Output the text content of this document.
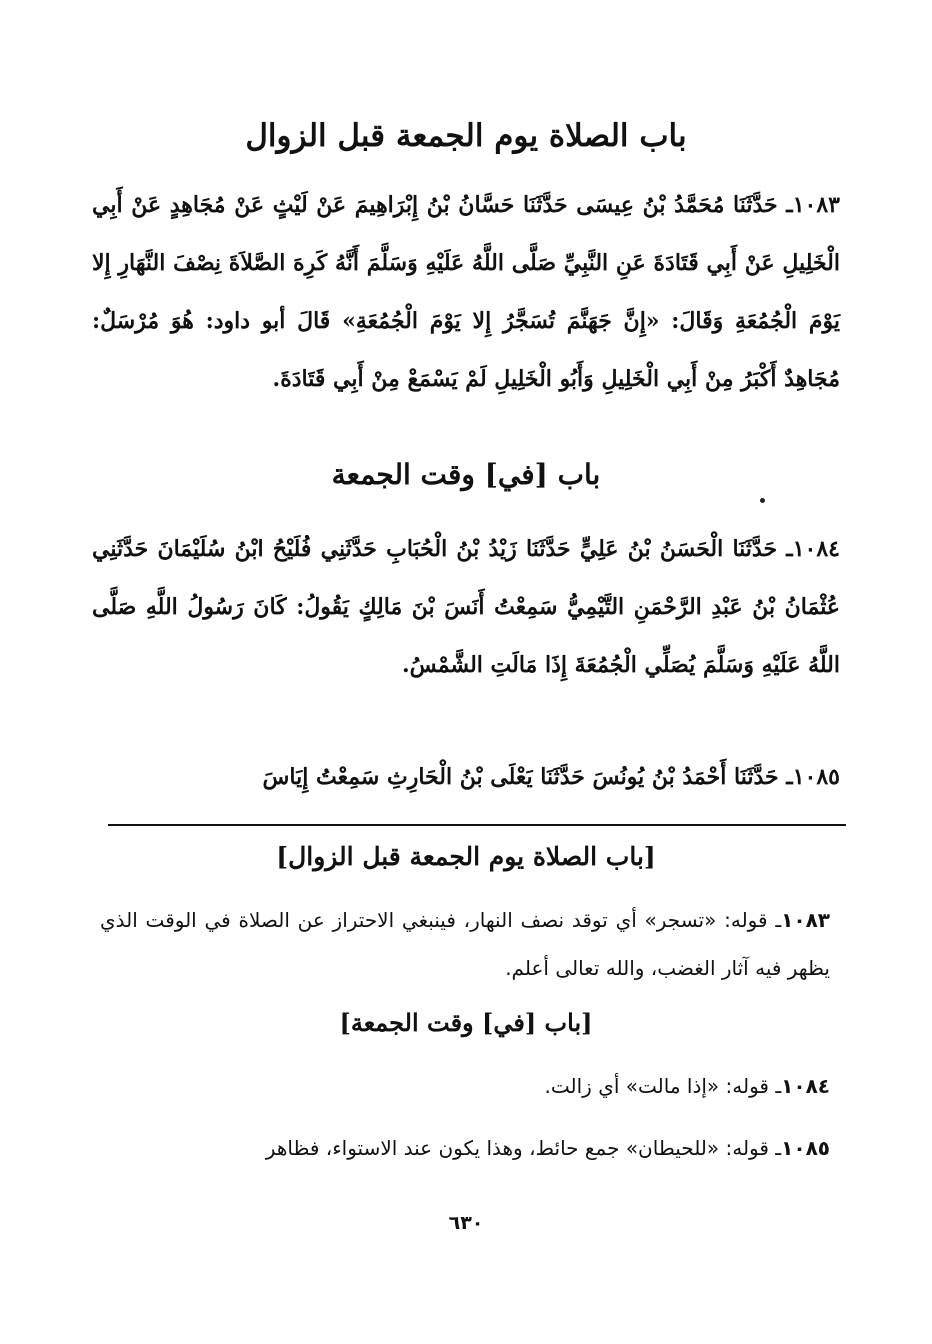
باب الصلاة يوم الجمعة قبل الزوال
١٠٨٣ـ حَدَّثَنَا مُحَمَّدُ بْنُ عِيسَى حَدَّثَنَا حَسَّانُ بْنُ إِبْرَاهِيمَ عَنْ لَيْثٍ عَنْ مُجَاهِدٍ عَنْ أَبِي الْخَلِيلِ عَنْ أَبِي قَتَادَةَ عَنِ النَّبِيِّ صَلَّى اللَّهُ عَلَيْهِ وَسَلَّمَ أَنَّهُ كَرِهَ الصَّلاَةَ نِصْفَ النَّهَارِ إِلا يَوْمَ الْجُمُعَةِ وَقَالَ: «إِنَّ جَهَنَّمَ تُسَجَّرُ إِلا يَوْمَ الْجُمُعَةِ» قَالَ أبو داود: هُوَ مُرْسَلٌ: مُجَاهِدٌ أَكْبَرُ مِنْ أَبِي الْخَلِيلِ وَأَبُو الْخَلِيلِ لَمْ يَسْمَعْ مِنْ أَبِي قَتَادَةَ.
باب [في] وقت الجمعة
١٠٨٤ـ حَدَّثَنَا الْحَسَنُ بْنُ عَلِيٍّ حَدَّثَنَا زَيْدُ بْنُ الْحُبَابِ حَدَّثَنِي فُلَيْحُ ابْنُ سُلَيْمَانَ حَدَّثَنِي عُثْمَانُ بْنُ عَبْدِ الرَّحْمَنِ التَّيْمِيُّ سَمِعْتُ أَنَسَ بْنَ مَالِكٍ يَقُولُ: كَانَ رَسُولُ اللَّهِ صَلَّى اللَّهُ عَلَيْهِ وَسَلَّمَ يُصَلِّي الْجُمُعَةَ إِذَا مَالَتِ الشَّمْسُ.
١٠٨٥ـ حَدَّثَنَا أَحْمَدُ بْنُ يُونُسَ حَدَّثَنَا يَعْلَى بْنُ الْحَارِثِ سَمِعْتُ إِيَاسَ
[باب الصلاة يوم الجمعة قبل الزوال]
١٠٨٣ـ قوله: «تسجر» أي توقد نصف النهار، فينبغي الاحتراز عن الصلاة في الوقت الذي يظهر فيه آثار الغضب، والله تعالى أعلم.
[باب [في] وقت الجمعة]
١٠٨٤ـ قوله: «إذا مالت» أي زالت.
١٠٨٥ـ قوله: «للحيطان» جمع حائط، وهذا يكون عند الاستواء، فظاهر
٦٣٠
